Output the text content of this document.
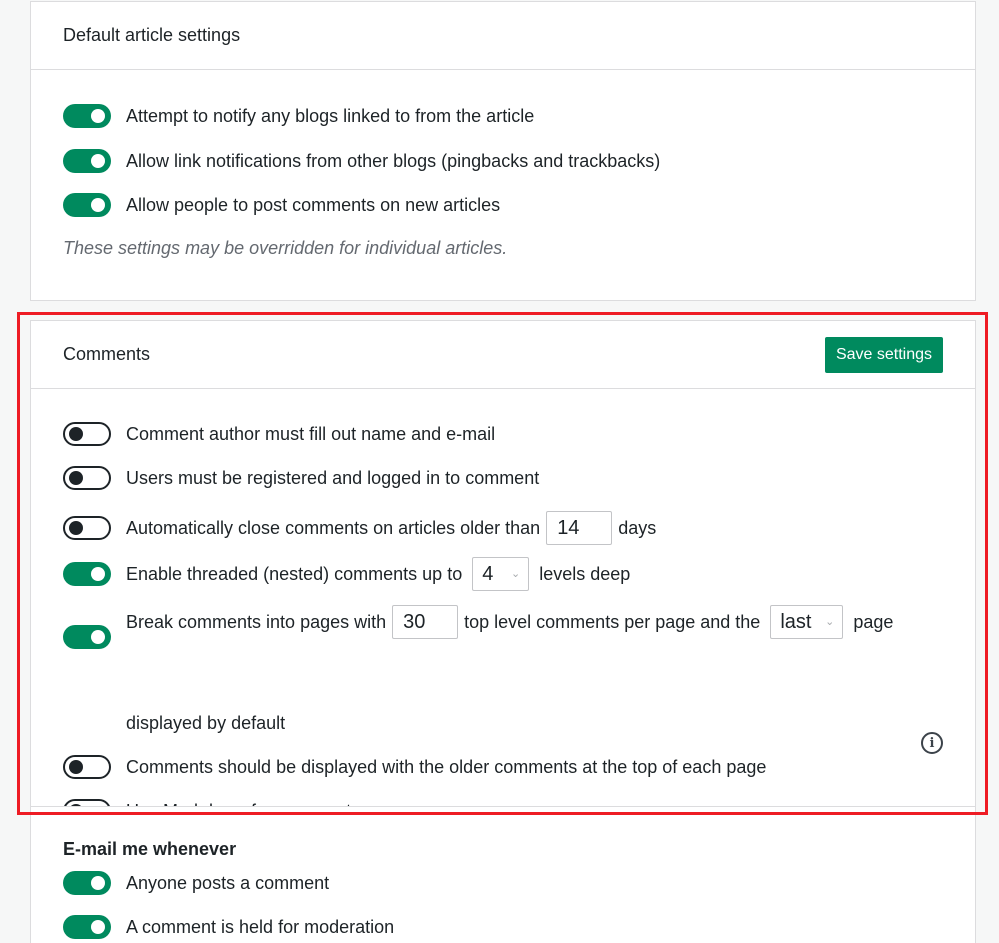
Default article settings
Attempt to notify any blogs linked to from the article
Allow link notifications from other blogs (pingbacks and trackbacks)
Allow people to post comments on new articles
These settings may be overridden for individual articles.
Comments	Save settings
Comment author must fill out name and e-mail
Users must be registered and logged in to comment
Automatically close comments on articles older than 14	days
Enable threaded (nested) comments up to 4 ⌄ levels deep
Break comments into pages with 30	top level comments per page and the last ⌄ page
displayed by default
Comments should be displayed with the older comments at the top of each page
i
E-mail me whenever
Anyone posts a comment
A comment is held for moderation
